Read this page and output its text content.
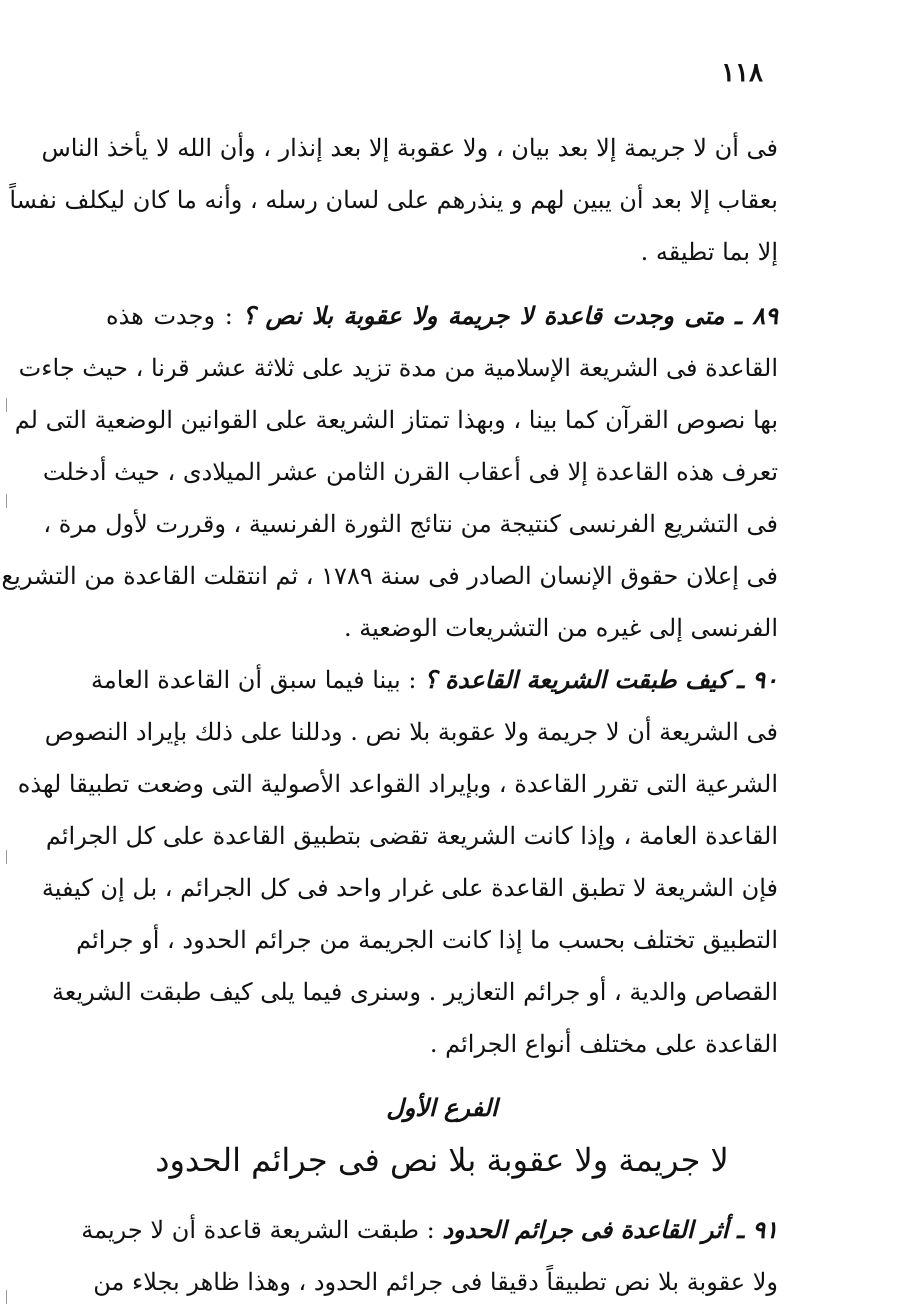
١١٨
فى أن لا جريمة إلا بعد بيان ، ولا عقوبة إلا بعد إنذار ، وأن الله لا يأخذ الناس
بعقاب إلا بعد أن يبين لهم و ينذرهم على لسان رسله ، وأنه ما كان ليكلف نفساً
إلا بما تطيقه .
٨٩ ـ متى وجدت قاعدة لا جريمة ولا عقوبة بلا نص ؟ : وجدت هذه
القاعدة فى الشريعة الإسلامية من مدة تزيد على ثلاثة عشر قرنا ، حيث جاءت
بها نصوص القرآن كما بينا ، وبهذا تمتاز الشريعة على القوانين الوضعية التى لم
تعرف هذه القاعدة إلا فى أعقاب القرن الثامن عشر الميلادى ، حيث أدخلت
فى التشريع الفرنسى كنتيجة من نتائج الثورة الفرنسية ، وقررت لأول مرة ،
فى إعلان حقوق الإنسان الصادر فى سنة ١٧٨٩ ، ثم انتقلت القاعدة من التشريع
الفرنسى إلى غيره من التشريعات الوضعية .
٩٠ ـ كيف طبقت الشريعة القاعدة ؟ : بينا فيما سبق أن القاعدة العامة
فى الشريعة أن لا جريمة ولا عقوبة بلا نص . ودللنا على ذلك بإيراد النصوص
الشرعية التى تقرر القاعدة ، وبإيراد القواعد الأصولية التى وضعت تطبيقا لهذه
القاعدة العامة ، وإذا كانت الشريعة تقضى بتطبيق القاعدة على كل الجرائم
فإن الشريعة لا تطبق القاعدة على غرار واحد فى كل الجرائم ، بل إن كيفية
التطبيق تختلف بحسب ما إذا كانت الجريمة من جرائم الحدود ، أو جرائم
القصاص والدية ، أو جرائم التعازير . وسنرى فيما يلى كيف طبقت الشريعة
القاعدة على مختلف أنواع الجرائم .
الفرع الأول
لا جريمة ولا عقوبة بلا نص فى جرائم الحدود
٩١ ـ أثر القاعدة فى جرائم الحدود : طبقت الشريعة قاعدة أن لا جريمة
ولا عقوبة بلا نص تطبيقاً دقيقا فى جرائم الحدود ، وهذا ظاهر بجلاء من
